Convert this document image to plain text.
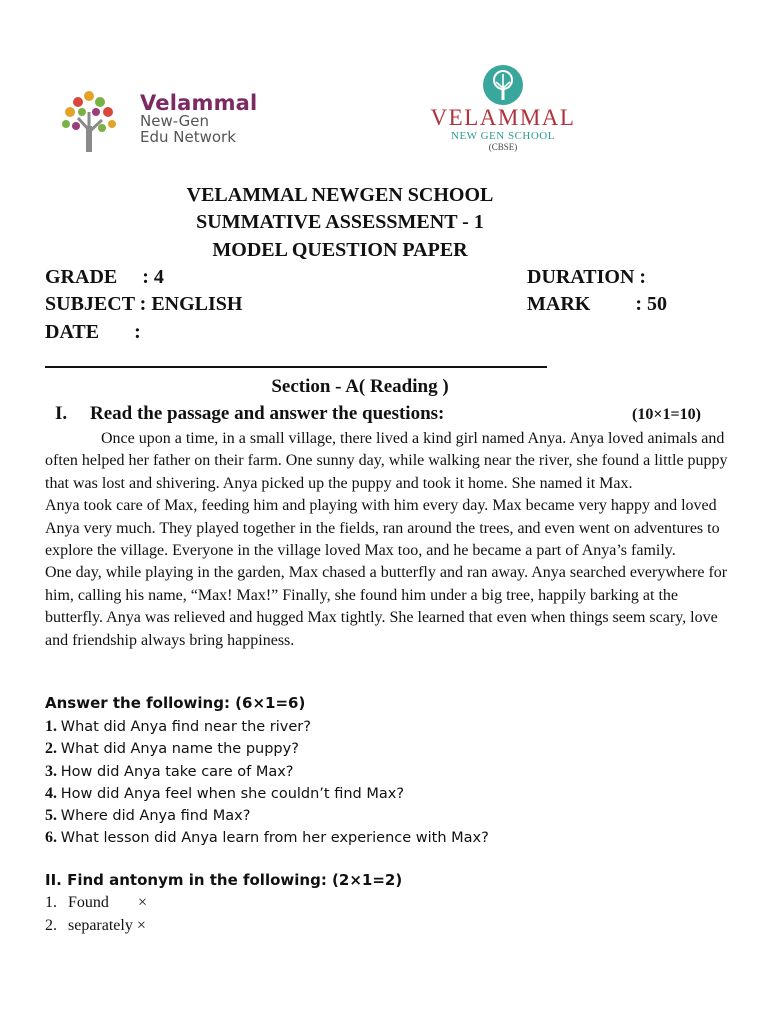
Velammal
New-Gen
Edu Network
VELAMMAL
NEW GEN SCHOOL
(CBSE)
VELAMMAL NEWGEN SCHOOL
SUMMATIVE ASSESSMENT - 1
MODEL QUESTION PAPER
GRADE     : 4
SUBJECT : ENGLISH
DATE       :
DURATION :
MARK         : 50
Section - A( Reading )
I. Read the passage and answer the questions:	(10×1=10)

Once upon a time, in a small village, there lived a kind girl named Anya. Anya loved animals and often helped her father on their farm. One sunny day, while walking near the river, she found a little puppy that was lost and shivering. Anya picked up the puppy and took it home. She named it Max.

Anya took care of Max, feeding him and playing with him every day. Max became very happy and loved Anya very much. They played together in the fields, ran around the trees, and even went on adventures to explore the village. Everyone in the village loved Max too, and he became a part of Anya’s family.

One day, while playing in the garden, Max chased a butterfly and ran away. Anya searched everywhere for him, calling his name, “Max! Max!” Finally, she found him under a big tree, happily barking at the butterfly. Anya was relieved and hugged Max tightly. She learned that even when things seem scary, love and friendship always bring happiness.

Answer the following: (6×1=6)
1. What did Anya find near the river?
2. What did Anya name the puppy?
3. How did Anya take care of Max?
4. How did Anya feel when she couldn’t find Max?
5. Where did Anya find Max?
6. What lesson did Anya learn from her experience with Max?
II. Find antonym in the following: (2×1=2)
1. Found ×
2. separately ×
